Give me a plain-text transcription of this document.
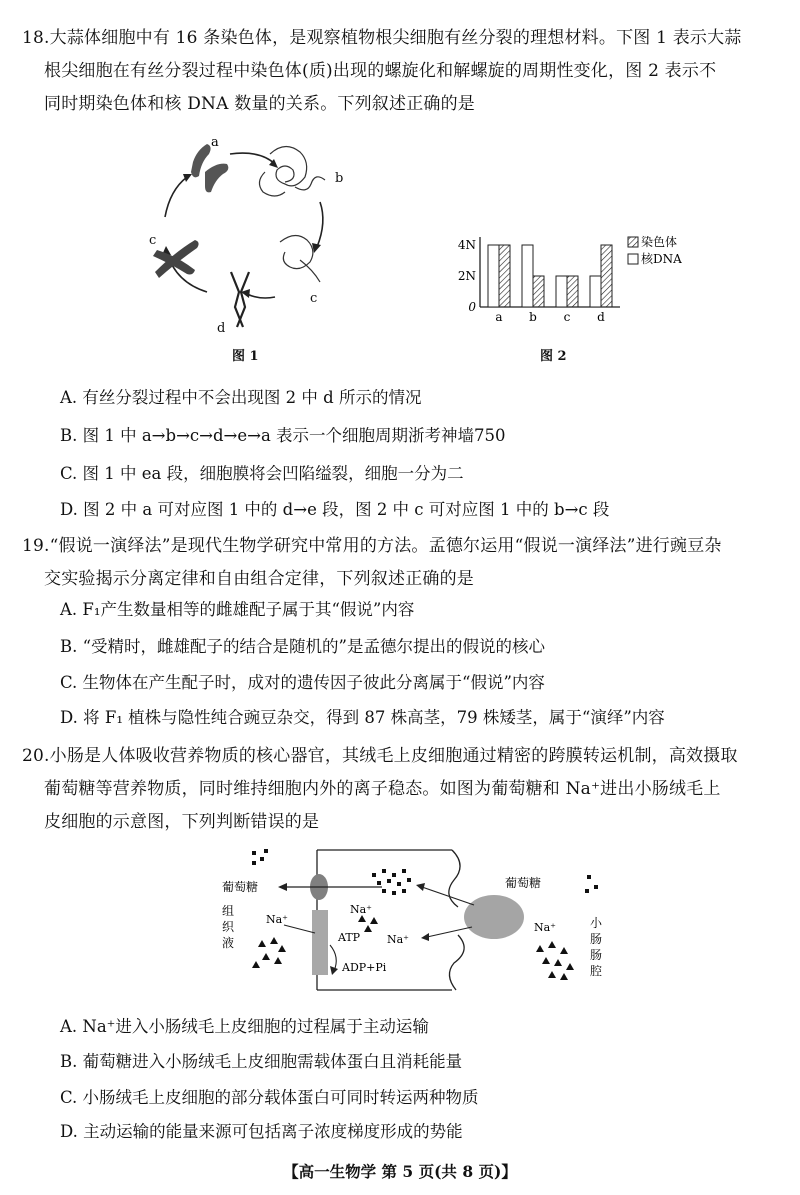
18.大蒜体细胞中有 16 条染色体，是观察植物根尖细胞有丝分裂的理想材料。下图 1 表示大蒜

根尖细胞在有丝分裂过程中染色体(质)出现的螺旋化和解螺旋的周期性变化，图 2 表示不
同时期染色体和核 DNA 数量的关系。下列叙述正确的是
a
b
c
d
c
图 1
0
2N
4N
a b c d
染色体
核DNA
图 2
A. 有丝分裂过程中不会出现图 2 中 d 所示的情况
B. 图 1 中 a→b→c→d→e→a 表示一个细胞周期浙考神墙750
C. 图 1 中 ea 段，细胞膜将会凹陷缢裂，细胞一分为二
D. 图 2 中 a 可对应图 1 中的 d→e 段，图 2 中 c 可对应图 1 中的 b→c 段
19.“假说一演绎法”是现代生物学研究中常用的方法。孟德尔运用“假说一演绎法”进行豌豆杂

交实验揭示分离定律和自由组合定律，下列叙述正确的是
A. F₁产生数量相等的雌雄配子属于其“假说”内容
B. “受精时，雌雄配子的结合是随机的”是孟德尔提出的假说的核心
C. 生物体在产生配子时，成对的遗传因子彼此分离属于“假说”内容
D. 将 F₁ 植株与隐性纯合豌豆杂交，得到 87 株高茎，79 株矮茎，属于“演绎”内容
20.小肠是人体吸收营养物质的核心器官，其绒毛上皮细胞通过精密的跨膜转运机制，高效摄取

葡萄糖等营养物质，同时维持细胞内外的离子稳态。如图为葡萄糖和 Na⁺进出小肠绒毛上
皮细胞的示意图，下列判断错误的是
葡萄糖	葡萄糖
组
织
液
小
肠
肠
腔
Na⁺
Na⁺
Na⁺
Na⁺
ATP
ADP+Pi
A. Na⁺进入小肠绒毛上皮细胞的过程属于主动运输
B. 葡萄糖进入小肠绒毛上皮细胞需载体蛋白且消耗能量
C. 小肠绒毛上皮细胞的部分载体蛋白可同时转运两种物质
D. 主动运输的能量来源可包括离子浓度梯度形成的势能
【高一生物学 第 5 页(共 8 页)】
